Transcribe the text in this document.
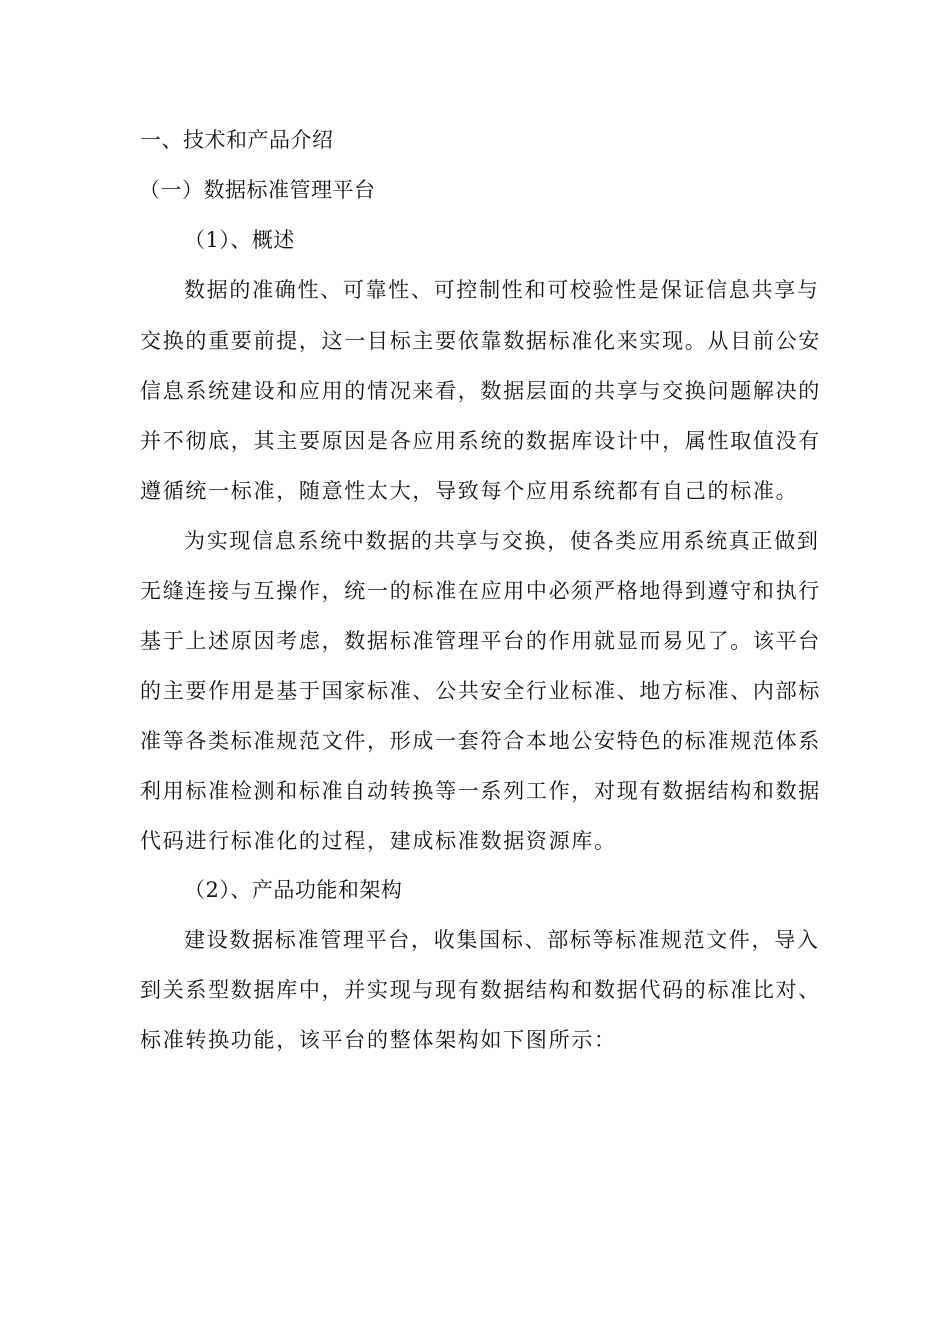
一、技术和产品介绍
（一）数据标准管理平台
（1）、概述
数据的准确性、可靠性、可控制性和可校验性是保证信息共享与
交换的重要前提，这一目标主要依靠数据标准化来实现。从目前公安
信息系统建设和应用的情况来看，数据层面的共享与交换问题解决的
并不彻底，其主要原因是各应用系统的数据库设计中，属性取值没有
遵循统一标准，随意性太大，导致每个应用系统都有自己的标准。
为实现信息系统中数据的共享与交换，使各类应用系统真正做到
无缝连接与互操作，统一的标准在应用中必须严格地得到遵守和执行
基于上述原因考虑，数据标准管理平台的作用就显而易见了。该平台
的主要作用是基于国家标准、公共安全行业标准、地方标准、内部标
准等各类标准规范文件，形成一套符合本地公安特色的标准规范体系
利用标准检测和标准自动转换等一系列工作，对现有数据结构和数据
代码进行标准化的过程，建成标准数据资源库。
（2）、产品功能和架构
建设数据标准管理平台，收集国标、部标等标准规范文件，导入
到关系型数据库中，并实现与现有数据结构和数据代码的标准比对、
标准转换功能，该平台的整体架构如下图所示：
